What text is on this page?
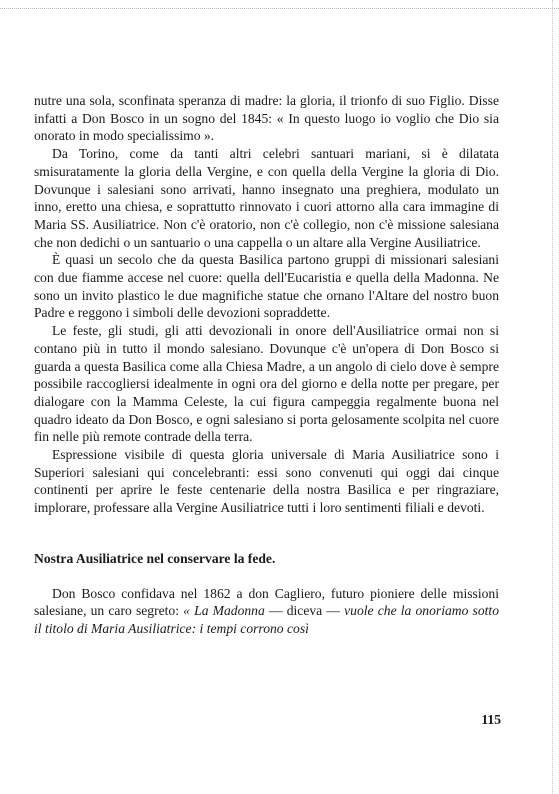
nutre una sola, sconfinata speranza di madre: la gloria, il trionfo di suo Figlio. Disse infatti a Don Bosco in un sogno del 1845: « In questo luogo io voglio che Dio sia onorato in modo specialissimo ».

Da Torino, come da tanti altri celebri santuari mariani, si è dilatata smisuratamente la gloria della Vergine, e con quella della Vergine la gloria di Dio. Dovunque i salesiani sono arrivati, hanno insegnato una preghiera, modulato un inno, eretto una chiesa, e soprattutto rinnovato i cuori attorno alla cara immagine di Maria SS. Ausiliatrice. Non c'è oratorio, non c'è collegio, non c'è missione salesiana che non dedichi o un santuario o una cappella o un altare alla Vergine Ausiliatrice.

È quasi un secolo che da questa Basilica partono gruppi di missionari salesiani con due fiamme accese nel cuore: quella dell'Eucaristia e quella della Madonna. Ne sono un invito plastico le due magnifiche statue che ornano l'Altare del nostro buon Padre e reggono i simboli delle devozioni sopraddette.

Le feste, gli studi, gli atti devozionali in onore dell'Ausiliatrice ormai non si contano più in tutto il mondo salesiano. Dovunque c'è un'opera di Don Bosco si guarda a questa Basilica come alla Chiesa Madre, a un angolo di cielo dove è sempre possibile raccogliersi idealmente in ogni ora del giorno e della notte per pregare, per dialogare con la Mamma Celeste, la cui figura campeggia regalmente buona nel quadro ideato da Don Bosco, e ogni salesiano si porta gelosamente scolpita nel cuore fin nelle più remote contrade della terra.

Espressione visibile di questa gloria universale di Maria Ausiliatrice sono i Superiori salesiani qui concelebranti: essi sono convenuti qui oggi dai cinque continenti per aprire le feste centenarie della nostra Basilica e per ringraziare, implorare, professare alla Vergine Ausiliatrice tutti i loro sentimenti filiali e devoti.

Nostra Ausiliatrice nel conservare la fede.

Don Bosco confidava nel 1862 a don Cagliero, futuro pioniere delle missioni salesiane, un caro segreto: « La Madonna — diceva — vuole che la onoriamo sotto il titolo di Maria Ausiliatrice: i tempi corrono così

115
